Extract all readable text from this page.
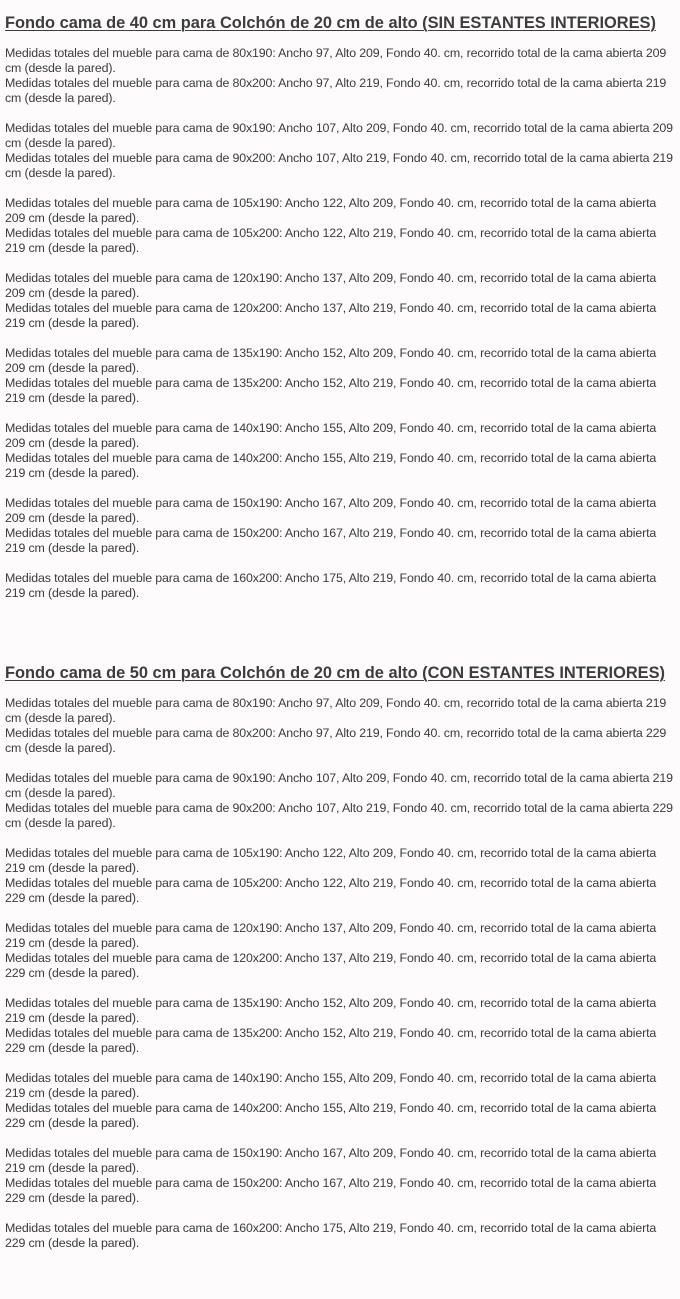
Fondo cama de 40 cm para Colchón de 20 cm de alto (SIN ESTANTES INTERIORES)
Medidas totales del mueble para cama de 80x190: Ancho 97, Alto 209, Fondo 40. cm, recorrido total de la cama abierta 209 cm (desde la pared).
Medidas totales del mueble para cama de 80x200: Ancho 97, Alto 219, Fondo 40. cm, recorrido total de la cama abierta 219 cm (desde la pared).
Medidas totales del mueble para cama de 90x190: Ancho 107, Alto 209, Fondo 40. cm, recorrido total de la cama abierta 209 cm (desde la pared).
Medidas totales del mueble para cama de 90x200: Ancho 107, Alto 219, Fondo 40. cm, recorrido total de la cama abierta 219 cm (desde la pared).
Medidas totales del mueble para cama de 105x190: Ancho 122, Alto 209, Fondo 40. cm, recorrido total de la cama abierta 209 cm (desde la pared).
Medidas totales del mueble para cama de 105x200: Ancho 122, Alto 219, Fondo 40. cm, recorrido total de la cama abierta 219 cm (desde la pared).
Medidas totales del mueble para cama de 120x190: Ancho 137, Alto 209, Fondo 40. cm, recorrido total de la cama abierta 209 cm (desde la pared).
Medidas totales del mueble para cama de 120x200: Ancho 137, Alto 219, Fondo 40. cm, recorrido total de la cama abierta 219 cm (desde la pared).
Medidas totales del mueble para cama de 135x190: Ancho 152, Alto 209, Fondo 40. cm, recorrido total de la cama abierta 209 cm (desde la pared).
Medidas totales del mueble para cama de 135x200: Ancho 152, Alto 219, Fondo 40. cm, recorrido total de la cama abierta 219 cm (desde la pared).
Medidas totales del mueble para cama de 140x190: Ancho 155, Alto 209, Fondo 40. cm, recorrido total de la cama abierta 209 cm (desde la pared).
Medidas totales del mueble para cama de 140x200: Ancho 155, Alto 219, Fondo 40. cm, recorrido total de la cama abierta 219 cm (desde la pared).
Medidas totales del mueble para cama de 150x190: Ancho 167, Alto 209, Fondo 40. cm, recorrido total de la cama abierta 209 cm (desde la pared).
Medidas totales del mueble para cama de 150x200: Ancho 167, Alto 219, Fondo 40. cm, recorrido total de la cama abierta 219 cm (desde la pared).
Medidas totales del mueble para cama de 160x200: Ancho 175, Alto 219, Fondo 40. cm, recorrido total de la cama abierta 219 cm (desde la pared).
Fondo cama de 50 cm para Colchón de 20 cm de alto (CON ESTANTES INTERIORES)
Medidas totales del mueble para cama de 80x190: Ancho 97, Alto 209, Fondo 40. cm, recorrido total de la cama abierta 219 cm (desde la pared).
Medidas totales del mueble para cama de 80x200: Ancho 97, Alto 219, Fondo 40. cm, recorrido total de la cama abierta 229 cm (desde la pared).
Medidas totales del mueble para cama de 90x190: Ancho 107, Alto 209, Fondo 40. cm, recorrido total de la cama abierta 219 cm (desde la pared).
Medidas totales del mueble para cama de 90x200: Ancho 107, Alto 219, Fondo 40. cm, recorrido total de la cama abierta 229 cm (desde la pared).
Medidas totales del mueble para cama de 105x190: Ancho 122, Alto 209, Fondo 40. cm, recorrido total de la cama abierta 219 cm (desde la pared).
Medidas totales del mueble para cama de 105x200: Ancho 122, Alto 219, Fondo 40. cm, recorrido total de la cama abierta 229 cm (desde la pared).
Medidas totales del mueble para cama de 120x190: Ancho 137, Alto 209, Fondo 40. cm, recorrido total de la cama abierta 219 cm (desde la pared).
Medidas totales del mueble para cama de 120x200: Ancho 137, Alto 219, Fondo 40. cm, recorrido total de la cama abierta 229 cm (desde la pared).
Medidas totales del mueble para cama de 135x190: Ancho 152, Alto 209, Fondo 40. cm, recorrido total de la cama abierta 219 cm (desde la pared).
Medidas totales del mueble para cama de 135x200: Ancho 152, Alto 219, Fondo 40. cm, recorrido total de la cama abierta 229 cm (desde la pared).
Medidas totales del mueble para cama de 140x190: Ancho 155, Alto 209, Fondo 40. cm, recorrido total de la cama abierta 219 cm (desde la pared).
Medidas totales del mueble para cama de 140x200: Ancho 155, Alto 219, Fondo 40. cm, recorrido total de la cama abierta 229 cm (desde la pared).
Medidas totales del mueble para cama de 150x190: Ancho 167, Alto 209, Fondo 40. cm, recorrido total de la cama abierta 219 cm (desde la pared).
Medidas totales del mueble para cama de 150x200: Ancho 167, Alto 219, Fondo 40. cm, recorrido total de la cama abierta 229 cm (desde la pared).
Medidas totales del mueble para cama de 160x200: Ancho 175, Alto 219, Fondo 40. cm, recorrido total de la cama abierta 229 cm (desde la pared).
